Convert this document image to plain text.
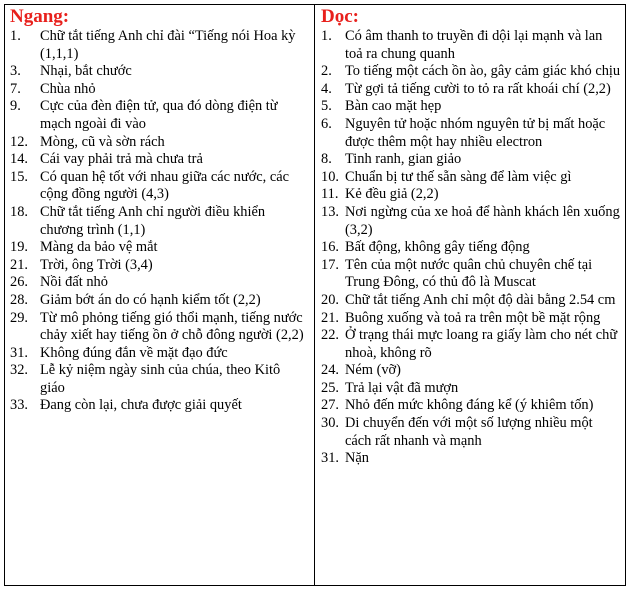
Ngang:
1.	Chữ tắt tiếng Anh chỉ đài “Tiếng nói Hoa kỳ (1,1,1)
3.	Nhại, bắt chước
7.	Chùa nhỏ
9.	Cực của đèn điện tử, qua đó dòng điện từ mạch ngoài đi vào
12. Mòng, cũ và sờn rách
14. Cái vay phải trả mà chưa trả
15. Có quan hệ tốt với nhau giữa các nước, các cộng đồng người (4,3)
18. Chữ tắt tiếng Anh chỉ người điều khiển chương trình (1,1)
19. Màng da bảo vệ mắt
21. Trời, ông Trời (3,4)
26. Nồi đất nhỏ
28. Giảm bớt án do có hạnh kiểm tốt (2,2)
29. Từ mô phỏng tiếng gió thổi mạnh, tiếng nước chảy xiết hay tiếng ồn ở chỗ đông người (2,2)
31. Không đúng đắn về mặt đạo đức
32. Lễ kỷ niệm ngày sinh của chúa, theo Kitô giáo
33. Đang còn lại, chưa được giải quyết
Dọc:
1. Có âm thanh to truyền đi dội lại mạnh và lan toả ra chung quanh
2. To tiếng một cách ồn ào, gây cảm giác khó chịu
4. Từ gợi tả tiếng cười to tỏ ra rất khoái chí (2,2)
5. Bàn cao mặt hẹp
6. Nguyên tử hoặc nhóm nguyên tử bị mất hoặc được thêm một hay nhiều electron
8. Tinh ranh, gian giảo
10. Chuẩn bị tư thế sẵn sàng để làm việc gì
11. Kẻ đều giả (2,2)
13. Nơi ngừng của xe hoả để hành khách lên xuống (3,2)
16. Bất động, không gây tiếng động
17. Tên của một nước quân chủ chuyên chế tại Trung Đông, có thủ đô là Muscat
20. Chữ tắt tiếng Anh chỉ một độ dài bằng 2.54 cm
21. Buông xuống và toả ra trên một bề mặt rộng
22. Ở trạng thái mực loang ra giấy làm cho nét chữ nhoà, không rõ
24. Ném (vỡ)
25. Trả lại vật đã mượn
27. Nhỏ đến mức không đáng kể (ý khiêm tốn)
30. Di chuyển đến với một số lượng nhiều một cách rất nhanh và mạnh
31. Nặn
